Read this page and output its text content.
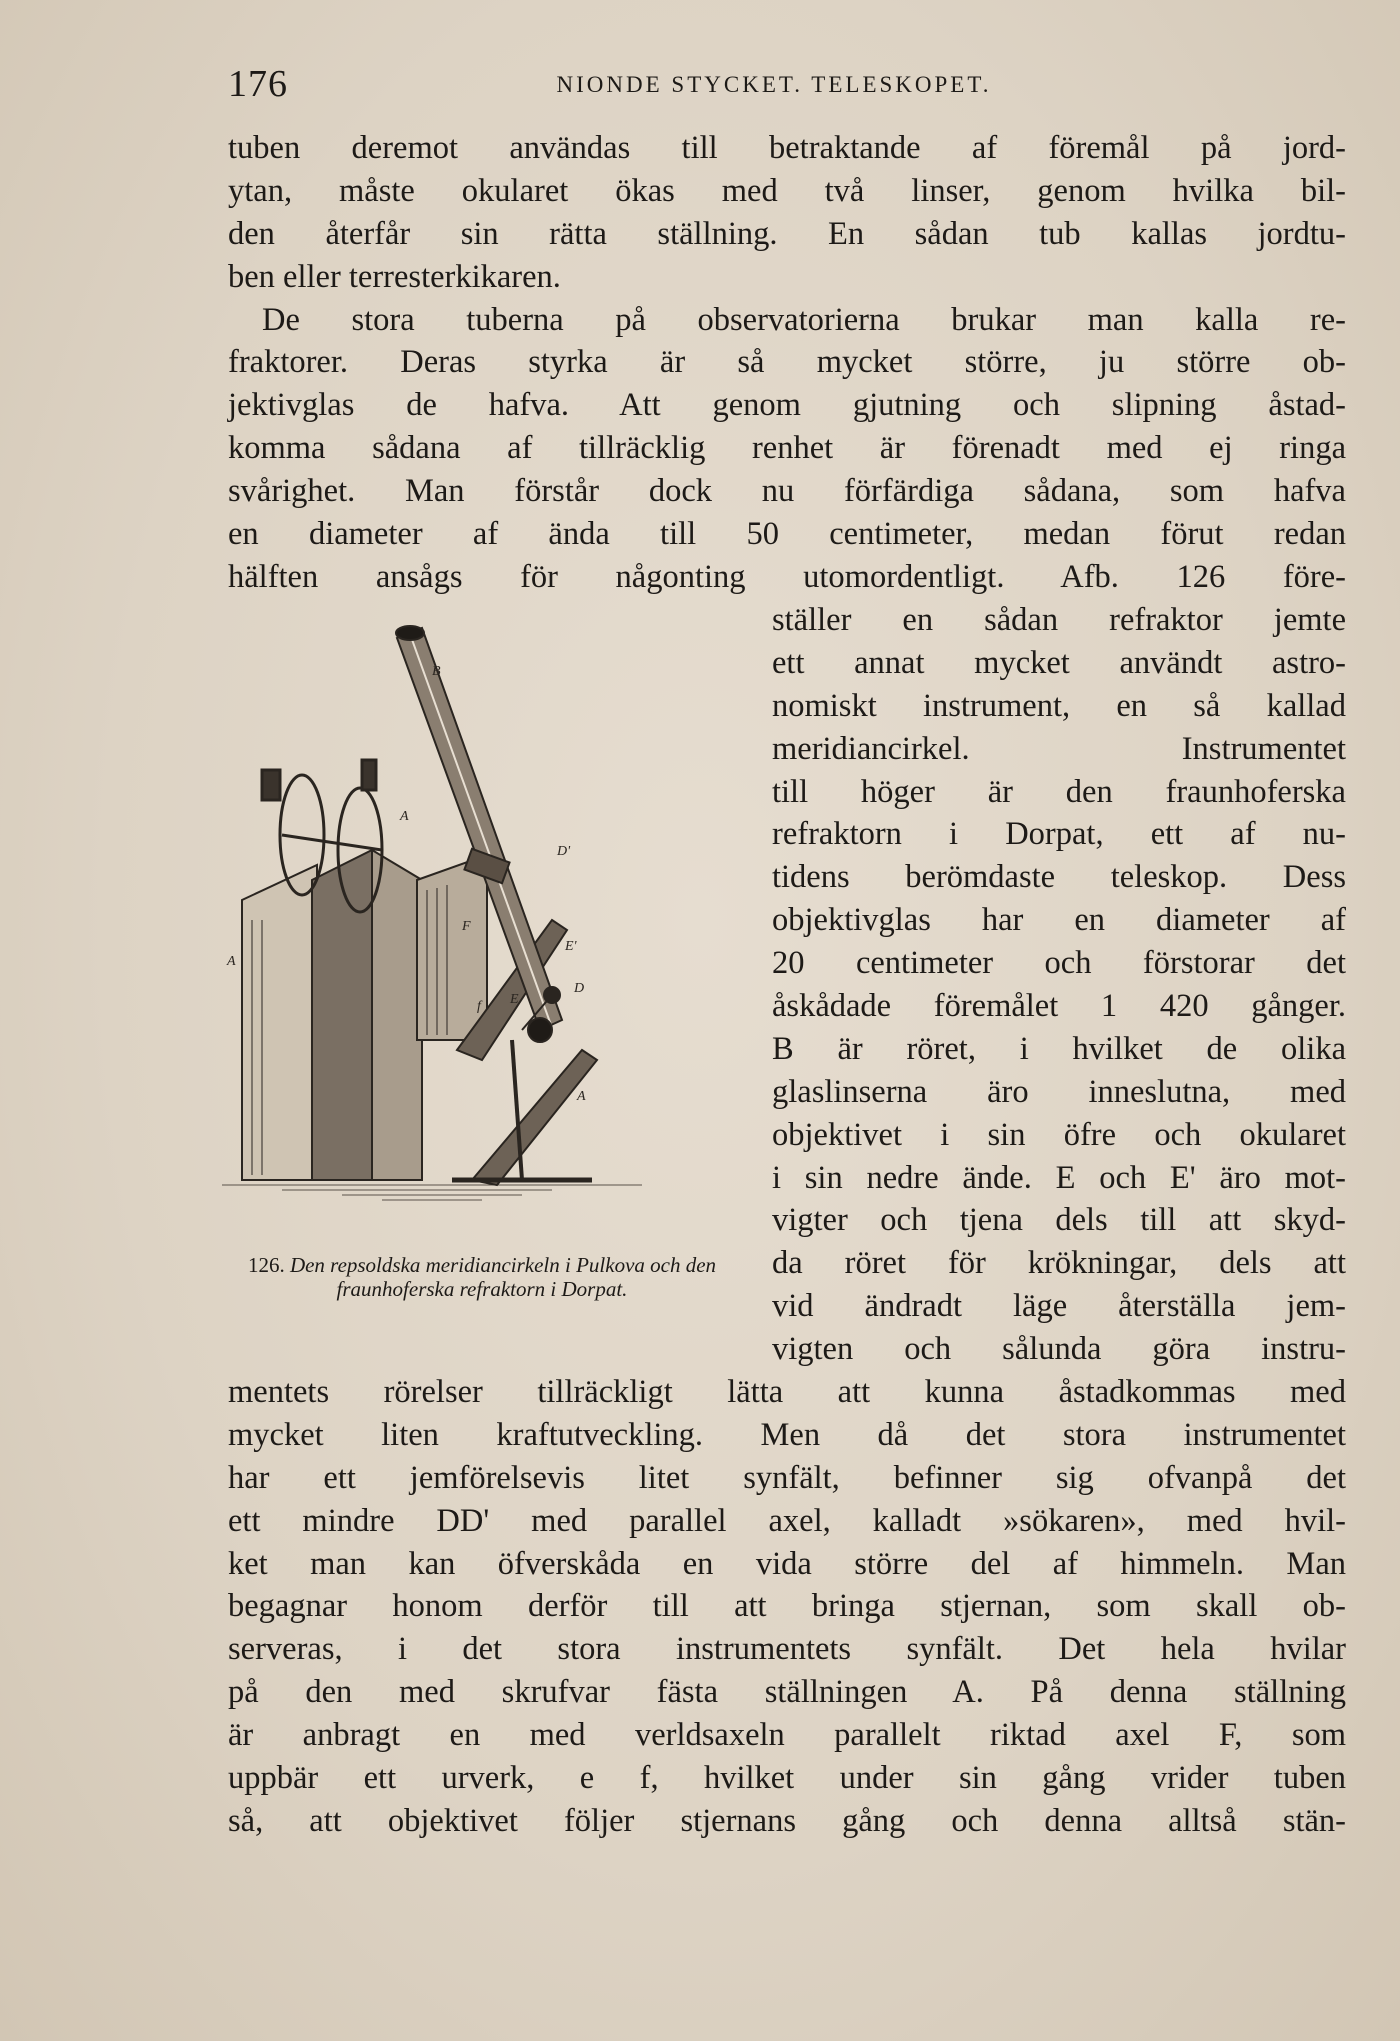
176	NIONDE STYCKET. TELESKOPET.
tuben deremot användas till betraktande af föremål på jord-
ytan, måste okularet ökas med två linser, genom hvilka bil-
den återfår sin rätta ställning. En sådan tub kallas jordtu-
ben eller terresterkikaren.
De stora tuberna på observatorierna brukar man kalla re-
fraktorer. Deras styrka är så mycket större, ju större ob-
jektivglas de hafva. Att genom gjutning och slipning åstad-
komma sådana af tillräcklig renhet är förenadt med ej ringa
svårighet. Man förstår dock nu förfärdiga sådana, som hafva
en diameter af ända till 50 centimeter, medan förut redan
hälften ansågs för någonting utomordentligt. Afb. 126 före-
ställer en sådan refraktor jemte
ett annat mycket användt astro-
nomiskt instrument, en så kallad
meridiancirkel. Instrumentet
till höger är den fraunhoferska
refraktorn i Dorpat, ett af nu-
tidens berömdaste teleskop. Dess
objektivglas har en diameter af
20 centimeter och förstorar det
åskådade föremålet 1 420 gånger.
B är röret, i hvilket de olika
glaslinserna äro inneslutna, med
objektivet i sin öfre och okularet
i sin nedre ände. E och E' äro mot-
vigter och tjena dels till att skyd-
da röret för krökningar, dels att
vid ändradt läge återställa jem-
vigten och sålunda göra instru-
B
D'
A
F
E'
D
E
f
A
A
126. Den repsoldska meridiancirkeln i Pulkova och den fraunhoferska refraktorn i Dorpat.
mentets rörelser tillräckligt lätta att kunna åstadkommas med
mycket liten kraftutveckling. Men då det stora instrumentet
har ett jemförelsevis litet synfält, befinner sig ofvanpå det
ett mindre DD' med parallel axel, kalladt »sökaren», med hvil-
ket man kan öfverskåda en vida större del af himmeln. Man
begagnar honom derför till att bringa stjernan, som skall ob-
serveras, i det stora instrumentets synfält. Det hela hvilar
på den med skrufvar fästa ställningen A. På denna ställning
är anbragt en med verldsaxeln parallelt riktad axel F, som
uppbär ett urverk, e f, hvilket under sin gång vrider tuben
så, att objektivet följer stjernans gång och denna alltså stän-
